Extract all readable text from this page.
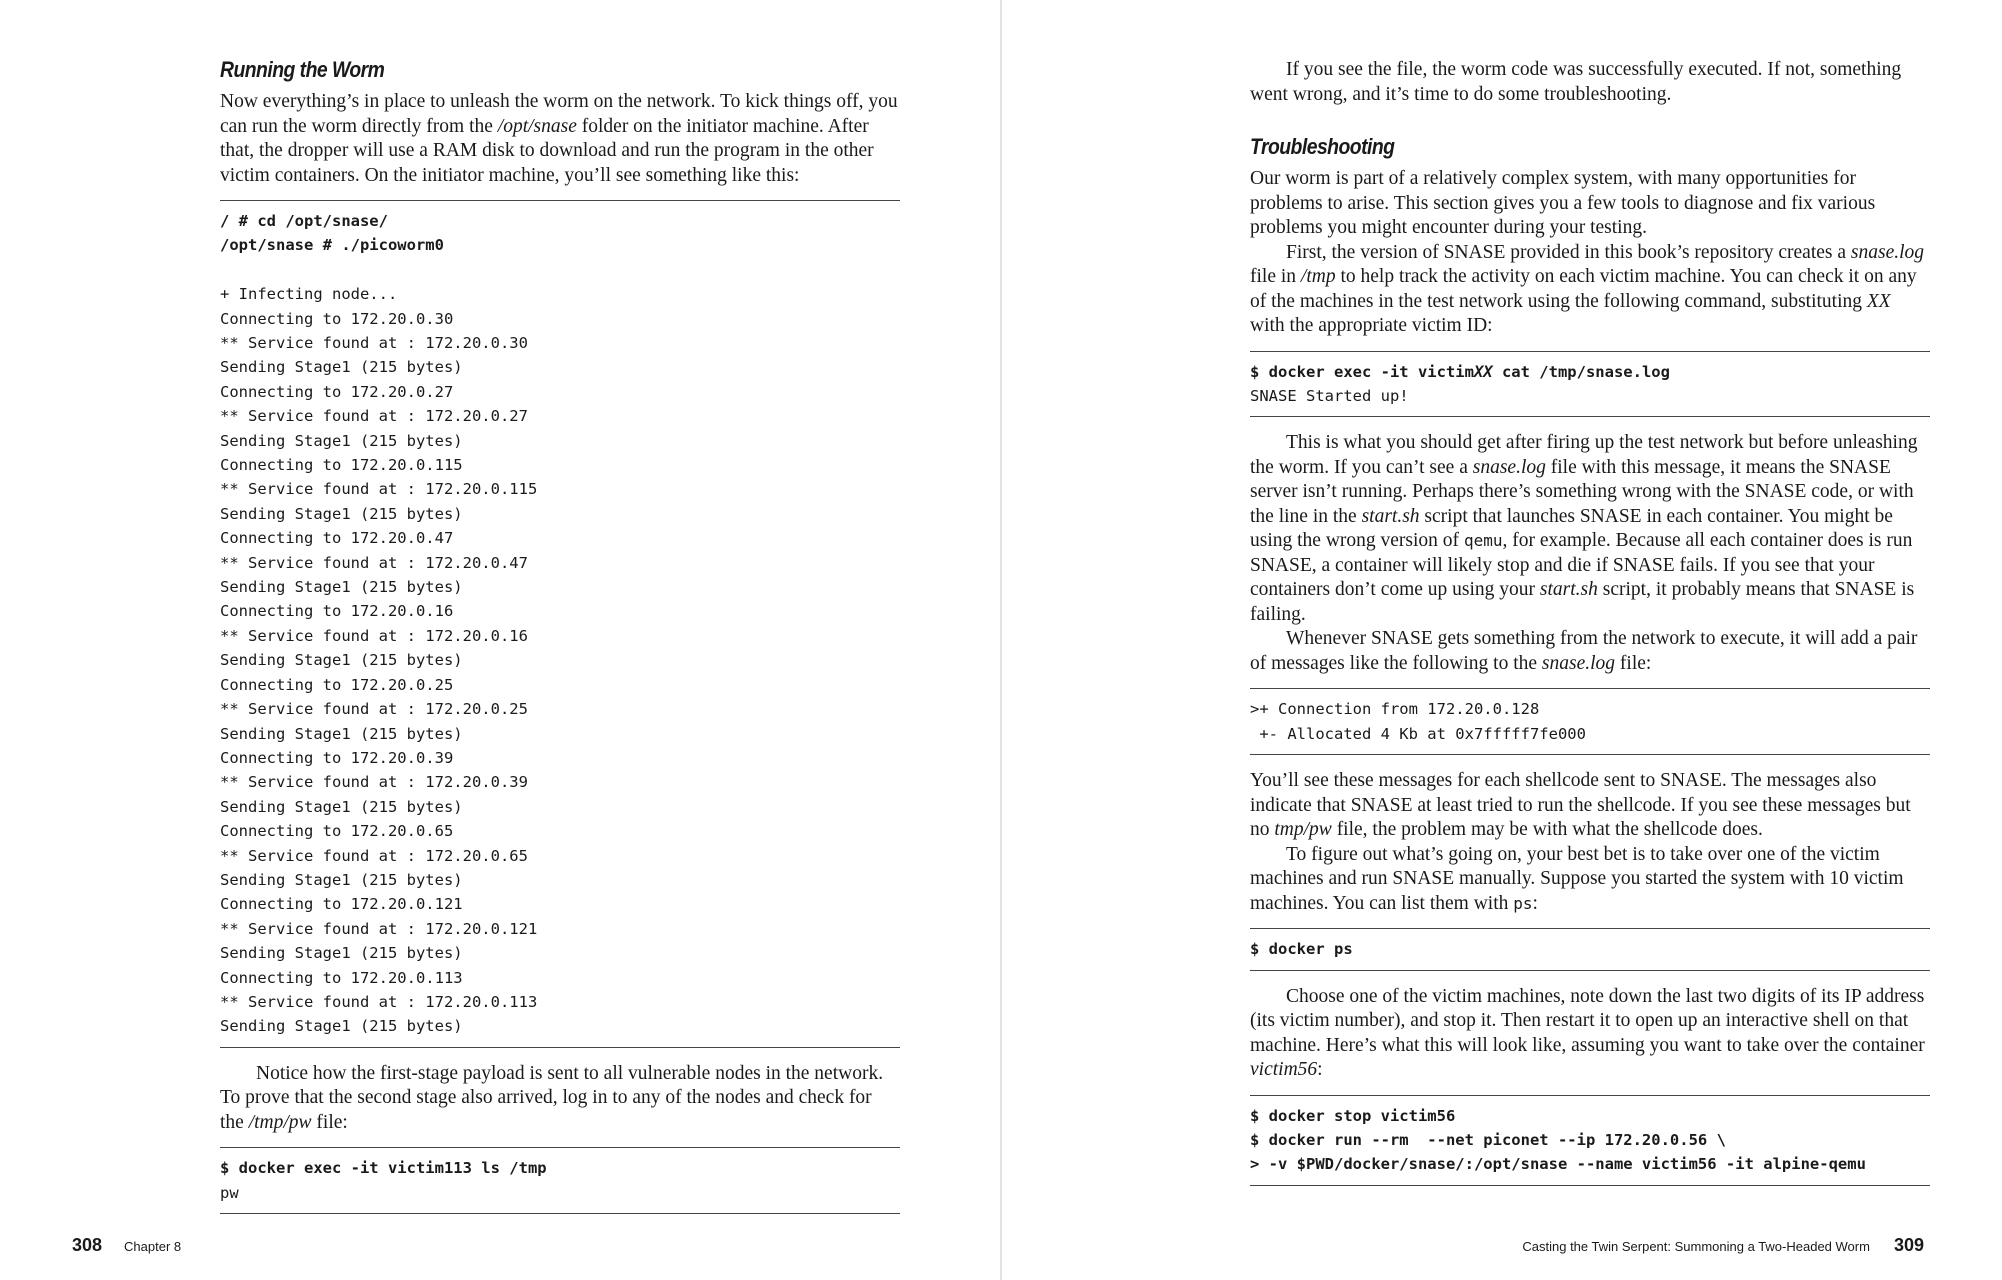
Running the Worm

Now everything’s in place to unleash the worm on the network. To kick things off, you can run the worm directly from the /opt/snase folder on the initiator machine. After that, the dropper will use a RAM disk to download and run the program in the other victim containers. On the initiator machine, you’ll see something like this:

/ # cd /opt/snase/
/opt/snase # ./picoworm0
+ Infecting node...
Connecting to 172.20.0.30
** Service found at : 172.20.0.30
Sending Stage1 (215 bytes)
Connecting to 172.20.0.27
** Service found at : 172.20.0.27
Sending Stage1 (215 bytes)
Connecting to 172.20.0.115
** Service found at : 172.20.0.115
Sending Stage1 (215 bytes)
Connecting to 172.20.0.47
** Service found at : 172.20.0.47
Sending Stage1 (215 bytes)
Connecting to 172.20.0.16
** Service found at : 172.20.0.16
Sending Stage1 (215 bytes)
Connecting to 172.20.0.25
** Service found at : 172.20.0.25
Sending Stage1 (215 bytes)
Connecting to 172.20.0.39
** Service found at : 172.20.0.39
Sending Stage1 (215 bytes)
Connecting to 172.20.0.65
** Service found at : 172.20.0.65
Sending Stage1 (215 bytes)
Connecting to 172.20.0.121
** Service found at : 172.20.0.121
Sending Stage1 (215 bytes)
Connecting to 172.20.0.113
** Service found at : 172.20.0.113
Sending Stage1 (215 bytes)

Notice how the first-stage payload is sent to all vulnerable nodes in the network. To prove that the second stage also arrived, log in to any of the nodes and check for the /tmp/pw file:

$ docker exec -it victim113 ls /tmp
pw
308 Chapter 8

If you see the file, the worm code was successfully executed. If not, something went wrong, and it’s time to do some troubleshooting.

Troubleshooting

Our worm is part of a relatively complex system, with many opportunities for problems to arise. This section gives you a few tools to diagnose and fix various problems you might encounter during your testing.

First, the version of SNASE provided in this book’s repository creates a snase.log file in /tmp to help track the activity on each victim machine. You can check it on any of the machines in the test network using the following command, substituting XX with the appropriate victim ID:

$ docker exec -it victimXX cat /tmp/snase.log
SNASE Started up!

This is what you should get after firing up the test network but before unleashing the worm. If you can’t see a snase.log file with this message, it means the SNASE server isn’t running. Perhaps there’s something wrong with the SNASE code, or with the line in the start.sh script that launches SNASE in each container. You might be using the wrong version of qemu, for example. Because all each container does is run SNASE, a container will likely stop and die if SNASE fails. If you see that your containers don’t come up using your start.sh script, it probably means that SNASE is failing.

Whenever SNASE gets something from the network to execute, it will add a pair of messages like the following to the snase.log file:

>+ Connection from 172.20.0.128
+- Allocated 4 Kb at 0x7fffff7fe000

You’ll see these messages for each shellcode sent to SNASE. The messages also indicate that SNASE at least tried to run the shellcode. If you see these messages but no tmp/pw file, the problem may be with what the shellcode does.

To figure out what’s going on, your best bet is to take over one of the victim machines and run SNASE manually. Suppose you started the system with 10 victim machines. You can list them with ps:

$ docker ps

Choose one of the victim machines, note down the last two digits of its IP address (its victim number), and stop it. Then restart it to open up an interactive shell on that machine. Here’s what this will look like, assuming you want to take over the container victim56:

$ docker stop victim56
$ docker run --rm  --net piconet --ip 172.20.0.56 \
> -v $PWD/docker/snase/:/opt/snase --name victim56 -it alpine-qemu
Casting the Twin Serpent: Summoning a Two-Headed Worm 309
